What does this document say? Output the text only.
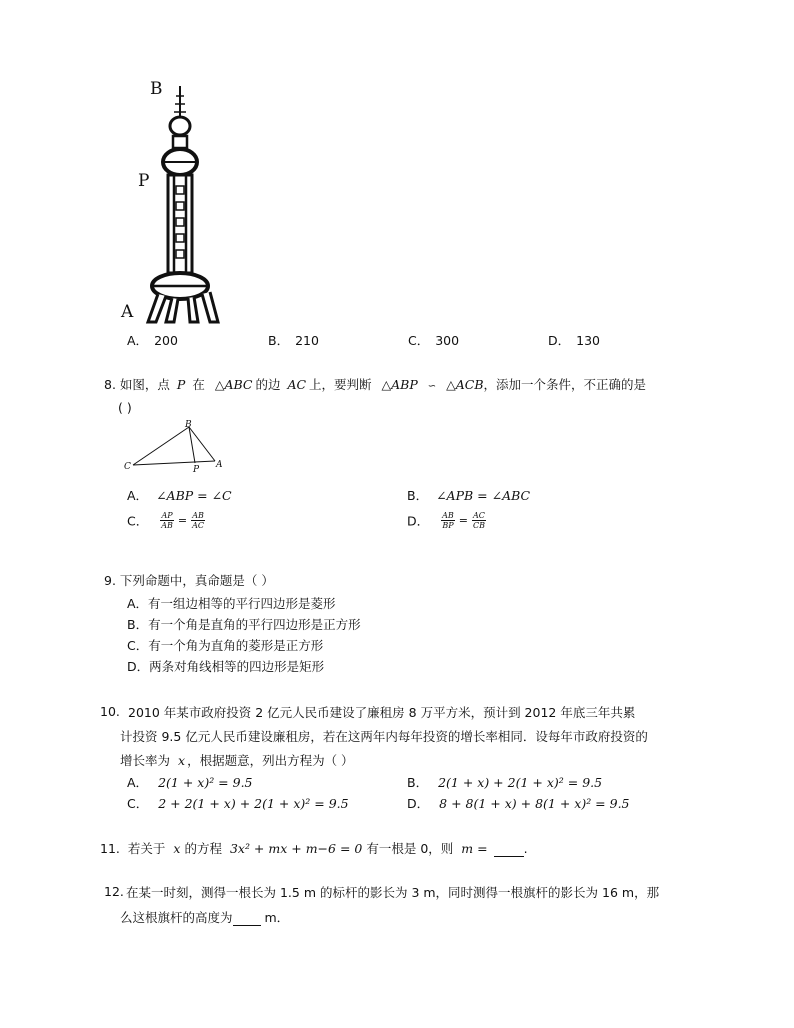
B
P
A
A． 200	B． 210	C． 300	D． 130
8. 如图，点 P 在 △ABC 的边 AC 上，要判断 △ABP ∽ △ACB，添加一个条件，不正确的是
( )
B
C	P A
A． ∠ABP = ∠C	B． ∠APB = ∠ABC
C． $\frac{AP}{AB} = \frac{AB}{AC}$	D． $\frac{AB}{BP} = \frac{AC}{CB}$
9. 下列命题中，真命题是（ ）
A．有一组边相等的平行四边形是菱形
B．有一个角是直角的平行四边形是正方形
C．有一个角为直角的菱形是正方形
D．两条对角线相等的四边形是矩形
10. 2010 年某市政府投资 2 亿元人民币建设了廉租房 8 万平方米，预计到 2012 年底三年共累
计投资 9.5 亿元人民币建设廉租房，若在这两年内每年投资的增长率相同．设每年市政府投资的
增长率为 x ，根据题意，列出方程为（ ）
A． 2(1 + x)² = 9.5	B． 2(1 + x) + 2(1 + x)² = 9.5
C． 2 + 2(1 + x) + 2(1 + x)² = 9.5	D． 8 + 8(1 + x) + 8(1 + x)² = 9.5
11. 若关于 x 的方程 3x² + mx + m−6 = 0 有一根是 0，则 m =	.
12. 在某一时刻，测得一根长为 1.5 m 的标杆的影长为 3 m，同时测得一根旗杆的影长为 16 m，那
么这根旗杆的高度为	m．
